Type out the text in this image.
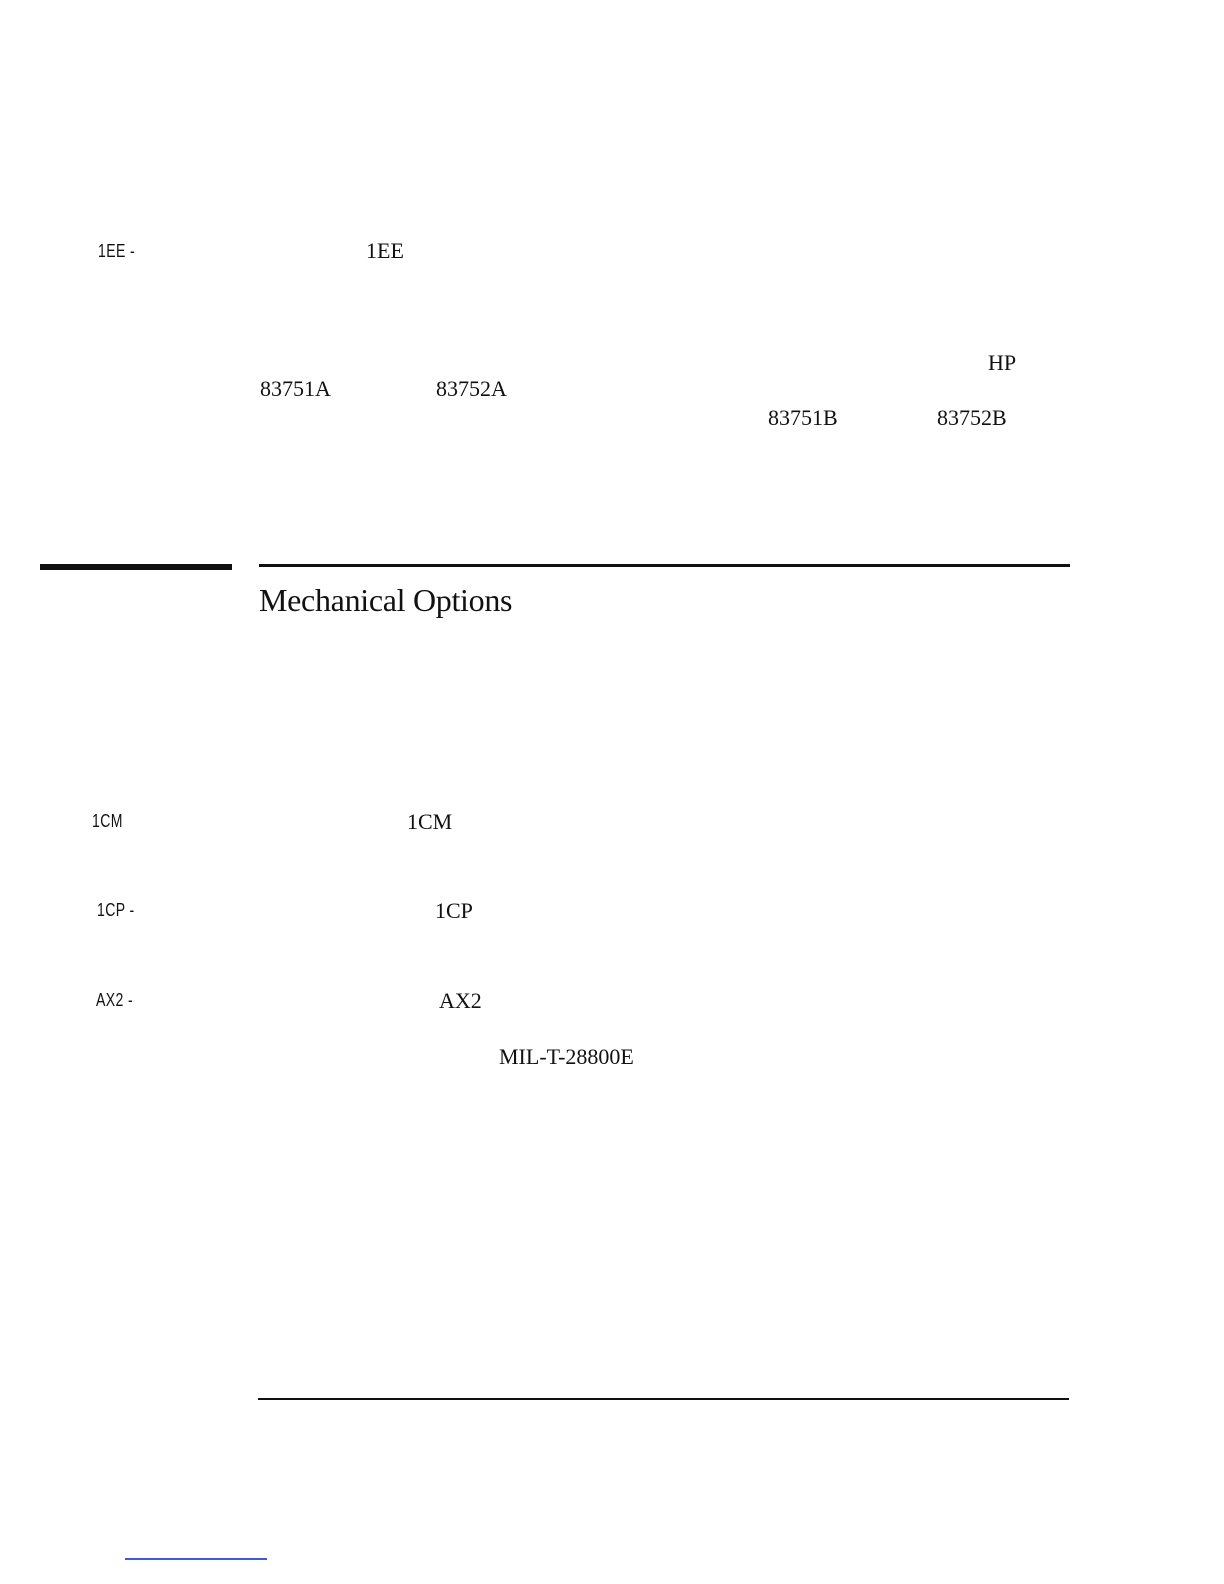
1EE -	1EE
HP
83751A	83752A
83751B	83752B
Mechanical Options
1CM	1CM
1CP -	1CP
AX2 -	AX2
MIL-T-28800E
